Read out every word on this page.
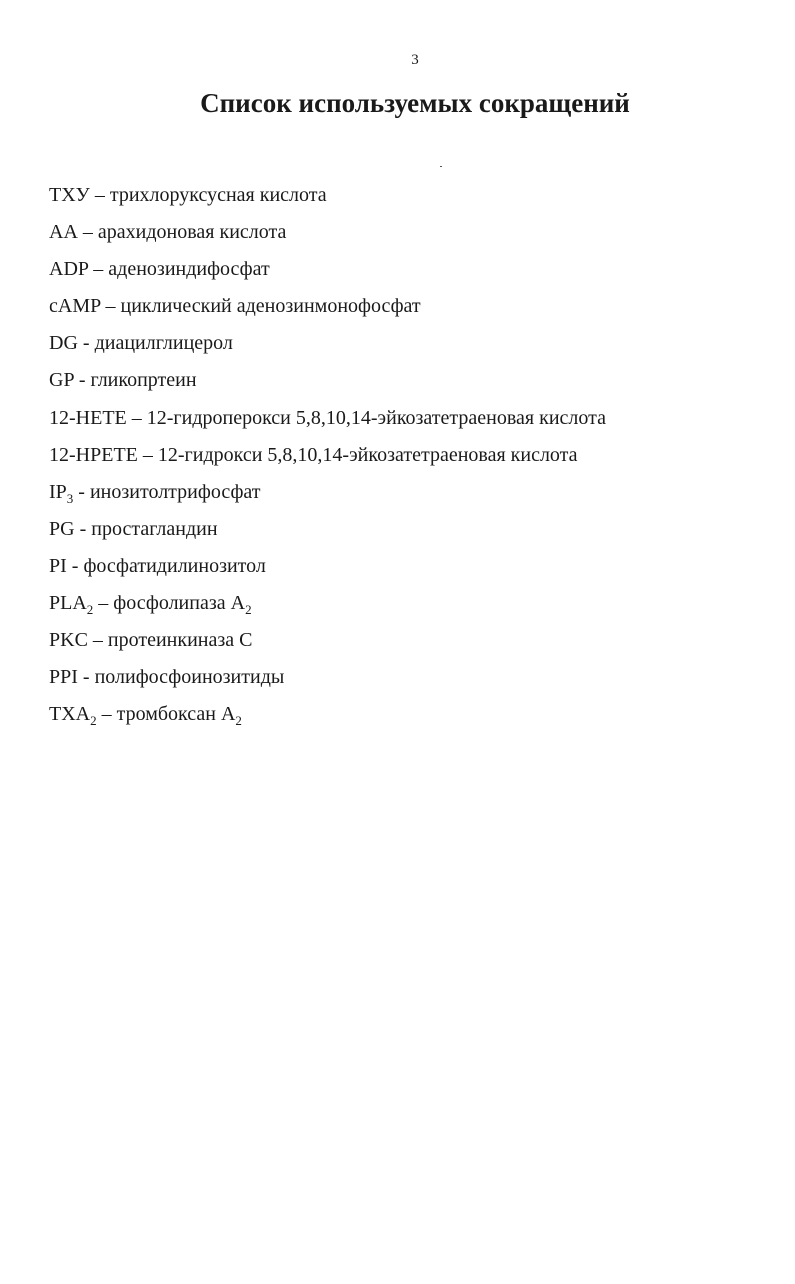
3
Список используемых сокращений
ТХУ – трихлоруксусная кислота
АА – арахидоновая кислота
ADP – аденозиндифосфат
cAMP – циклический аденозинмонофосфат
DG - диацилглицерол
GP - гликопртеин
12-HETE – 12-гидроперокси 5,8,10,14-эйкозатетраеновая кислота
12-HPETE – 12-гидрокси 5,8,10,14-эйкозатетраеновая кислота
$IP_3$ - инозитолтрифосфат
PG - простагландин
PI - фосфатидилинозитол
$PLA_2$ – фосфолипаза $А_2$
PKC – протеинкиназа С
PPI - полифосфоинозитиды
$TXA_2$ – тромбоксан $А_2$
